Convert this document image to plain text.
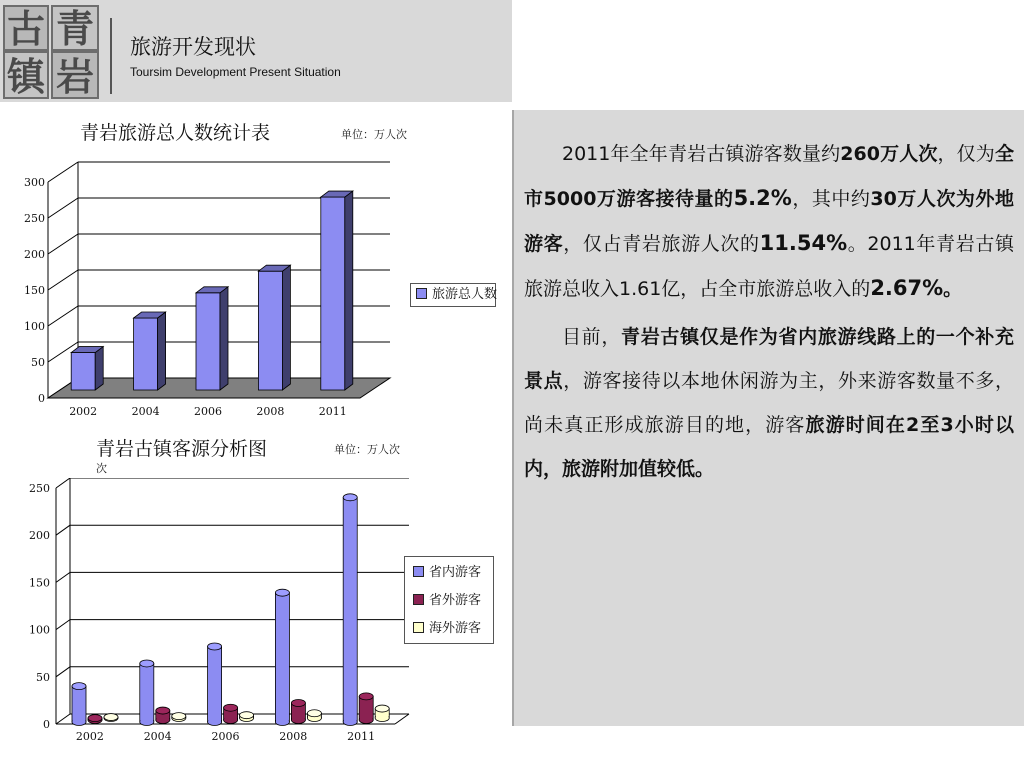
古 青
镇 岩
旅游开发现状
Toursim Development Present Situation
青岩旅游总人数统计表	单位：万人次
0
50
100
150
200
250
300
2002	2004	2006	2008	2011
旅游总人数
青岩古镇客源分析图	单位：万人次
次
0
50
100
150
200
250
2002	2004	2006	2008	2011
省内游客
省外游客
海外游客

2011年全年青岩古镇游客数量约260万人次，仅为全市5000万游客接待量的5.2%，其中约30万人次为外地游客，仅占青岩旅游人次的11.54%。2011年青岩古镇旅游总收入1.61亿，占全市旅游总收入的2.67%。

目前，青岩古镇仅是作为省内旅游线路上的一个补充景点，游客接待以本地休闲游为主，外来游客数量不多，尚未真正形成旅游目的地，游客旅游时间在2至3小时以内，旅游附加值较低。
